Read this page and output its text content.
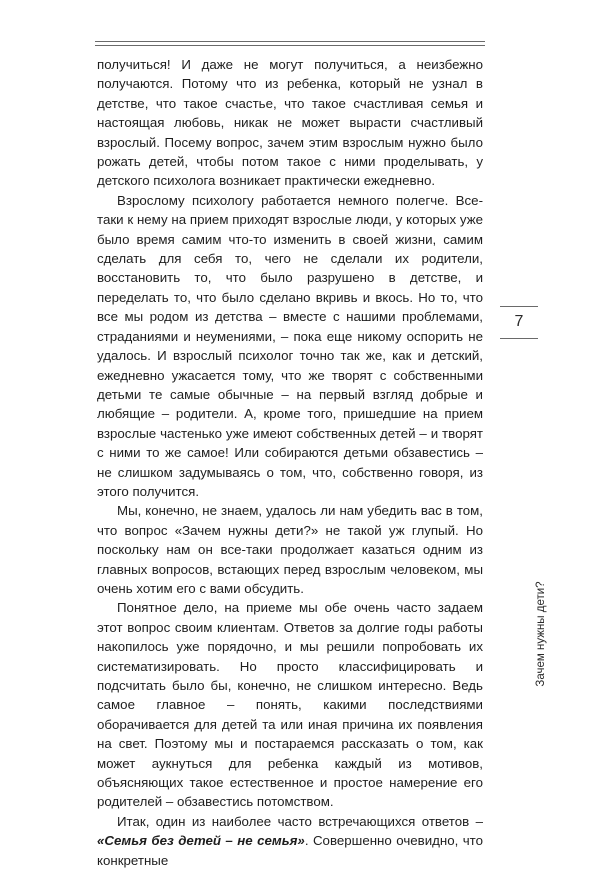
получиться! И даже не могут получиться, а неизбежно получаются. Потому что из ребенка, который не узнал в детстве, что такое счастье, что такое счастливая семья и настоящая любовь, никак не может вырасти счастливый взрослый. Посему вопрос, зачем этим взрослым нужно было рожать детей, чтобы потом такое с ними проделывать, у детского психолога возникает практически ежедневно.

Взрослому психологу работается немного полегче. Все-таки к нему на прием приходят взрослые люди, у которых уже было время самим что-то изменить в своей жизни, самим сделать для себя то, чего не сделали их родители, восстановить то, что было разрушено в детстве, и переделать то, что было сделано вкривь и вкось. Но то, что все мы родом из детства – вместе с нашими проблемами, страданиями и неумениями, – пока еще никому оспорить не удалось. И взрослый психолог точно так же, как и детский, ежедневно ужасается тому, что же творят с собственными детьми те самые обычные – на первый взгляд добрые и любящие – родители. А, кроме того, пришедшие на прием взрослые частенько уже имеют собственных детей – и творят с ними то же самое! Или собираются детьми обзавестись – не слишком задумываясь о том, что, собственно говоря, из этого получится.

Мы, конечно, не знаем, удалось ли нам убедить вас в том, что вопрос «Зачем нужны дети?» не такой уж глупый. Но поскольку нам он все-таки продолжает казаться одним из главных вопросов, встающих перед взрослым человеком, мы очень хотим его с вами обсудить.

Понятное дело, на приеме мы обе очень часто задаем этот вопрос своим клиентам. Ответов за долгие годы работы накопилось уже порядочно, и мы решили попробовать их систематизировать. Но просто классифицировать и подсчитать было бы, конечно, не слишком интересно. Ведь самое главное – понять, какими последствиями оборачивается для детей та или иная причина их появления на свет. Поэтому мы и постараемся рассказать о том, как может аукнуться для ребенка каждый из мотивов, объясняющих такое естественное и простое намерение его родителей – обзавестись потомством.

Итак, один из наиболее часто встречающихся ответов – «Семья без детей – не семья». Совершенно очевидно, что конкретные

7
Зачем нужны дети?
